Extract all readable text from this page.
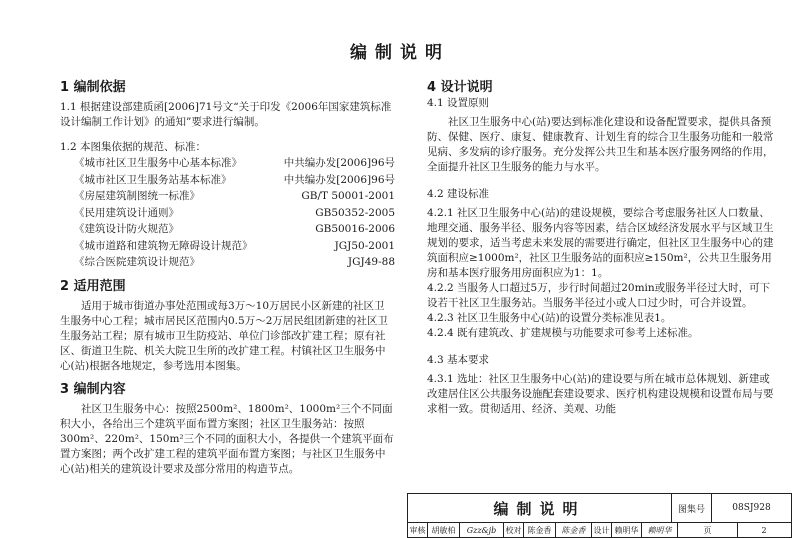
编制说明
1 编制依据

1.1 根据建设部建质函[2006]71号文“关于印发《2006年国家建筑标准设计编制工作计划》的通知”要求进行编制。

1.2 本图集依据的规范、标准：

《城市社区卫生服务中心基本标准》	中共编办发[2006]96号
《城市社区卫生服务站基本标准》	中共编办发[2006]96号
《房屋建筑制图统一标准》	GB/T 50001-2001
《民用建筑设计通则》	GB50352-2005
《建筑设计防火规范》	GB50016-2006
《城市道路和建筑物无障碍设计规范》	JGJ50-2001
《综合医院建筑设计规范》	JGJ49-88
2 适用范围

适用于城市街道办事处范围或每3万～10万居民小区新建的社区卫生服务中心工程；城市居民区范围内0.5万～2万居民组团新建的社区卫生服务站工程；原有城市卫生防疫站、单位门诊部改扩建工程；原有社区、街道卫生院、机关大院卫生所的改扩建工程。村镇社区卫生服务中心(站)根据各地规定，参考选用本图集。

3 编制内容

社区卫生服务中心：按照2500m²、1800m²、1000m²三个不同面积大小，各给出三个建筑平面布置方案图；社区卫生服务站：按照300m²、220m²、150m²三个不同的面积大小，各提供一个建筑平面布置方案图；两个改扩建工程的建筑平面布置方案图；与社区卫生服务中心(站)相关的建筑设计要求及部分常用的构造节点。

4 设计说明
4.1 设置原则

社区卫生服务中心(站)要达到标准化建设和设备配置要求，提供具备预防、保健、医疗、康复、健康教育、计划生育的综合卫生服务功能和一般常见病、多发病的诊疗服务。充分发挥公共卫生和基本医疗服务网络的作用，全面提升社区卫生服务的能力与水平。

4.2 建设标准

4.2.1 社区卫生服务中心(站)的建设规模，要综合考虑服务社区人口数量、地理交通、服务半径、服务内容等因素，结合区域经济发展水平与区域卫生规划的要求，适当考虑未来发展的需要进行确定，但社区卫生服务中心的建筑面积应≥1000m²，社区卫生服务站的面积应≥150m²，公共卫生服务用房和基本医疗服务用房面积应为1：1。

4.2.2 当服务人口超过5万，步行时间超过20min或服务半径过大时，可下设若干社区卫生服务站。当服务半径过小或人口过少时，可合并设置。

4.2.3 社区卫生服务中心(站)的设置分类标准见表1。

4.2.4 既有建筑改、扩建规模与功能要求可参考上述标准。

4.3 基本要求

4.3.1 选址：社区卫生服务中心(站)的建设要与所在城市总体规划、新建或改建居住区公共服务设施配套建设要求、医疗机构建设规模和设置布局与要求相一致。贯彻适用、经济、美观、功能

编制说明	图集号	08SJ928
审核 胡敏柏	Gzz&jb	校对 陈金香	陈金香	设计 赖明华	赖明华	页	2
